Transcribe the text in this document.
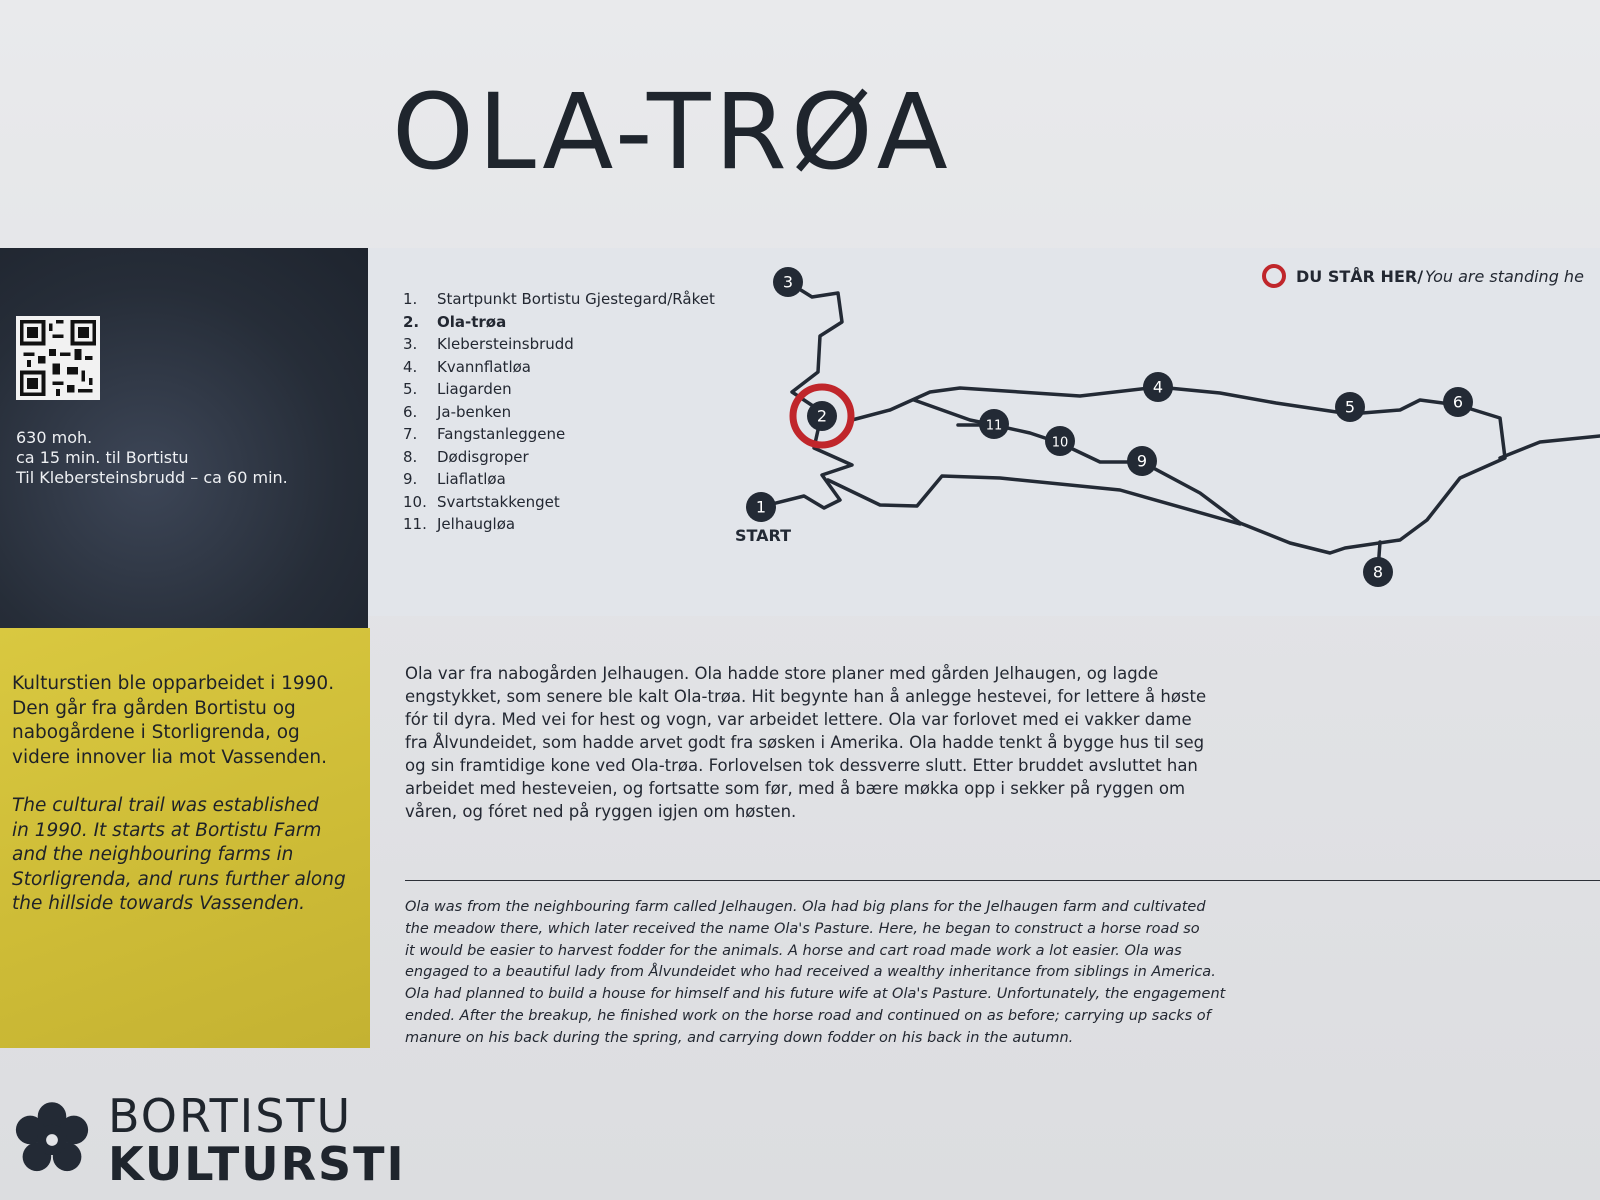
OLA-TRØA
630 moh.
ca 15 min. til Bortistu
Til Klebersteinsbrudd – ca 60 min.
1.	Startpunkt Bortistu Gjestegard/Råket
2.	Ola-trøa
3.	Klebersteinsbrudd
4.	Kvannflatløa
5.	Liagarden
6.	Ja-benken
7.	Fangstanleggene
8.	Dødisgroper
9.	Liaflatløa
10. Svartstakkenget
11. Jelhaugløa
DU STÅR HER/ You are standing he
1
2
3
4
5	6
8
9
10
11
START

Kulturstien ble opparbeidet i 1990.
Den går fra gården Bortistu og
nabogårdene i Storligrenda, og
videre innover lia mot Vassenden.

The cultural trail was established
in 1990. It starts at Bortistu Farm
and the neighbouring farms in
Storligrenda, and runs further along
the hillside towards Vassenden.

Ola var fra nabogården Jelhaugen. Ola hadde store planer med gården Jelhaugen, og lagde
engstykket, som senere ble kalt Ola-trøa. Hit begynte han å anlegge hestevei, for lettere å høste
fór til dyra. Med vei for hest og vogn, var arbeidet lettere. Ola var forlovet med ei vakker dame
fra Ålvundeidet, som hadde arvet godt fra søsken i Amerika. Ola hadde tenkt å bygge hus til seg
og sin framtidige kone ved Ola-trøa. Forlovelsen tok dessverre slutt. Etter bruddet avsluttet han
arbeidet med hesteveien, og fortsatte som før, med å bære møkka opp i sekker på ryggen om
våren, og fóret ned på ryggen igjen om høsten.
Ola was from the neighbouring farm called Jelhaugen. Ola had big plans for the Jelhaugen farm and cultivated
the meadow there, which later received the name Ola's Pasture. Here, he began to construct a horse road so
it would be easier to harvest fodder for the animals. A horse and cart road made work a lot easier. Ola was
engaged to a beautiful lady from Ålvundeidet who had received a wealthy inheritance from siblings in America.
Ola had planned to build a house for himself and his future wife at Ola's Pasture. Unfortunately, the engagement
ended. After the breakup, he finished work on the horse road and continued on as before; carrying up sacks of
manure on his back during the spring, and carrying down fodder on his back in the autumn.
BORTISTU
KULTURSTI
